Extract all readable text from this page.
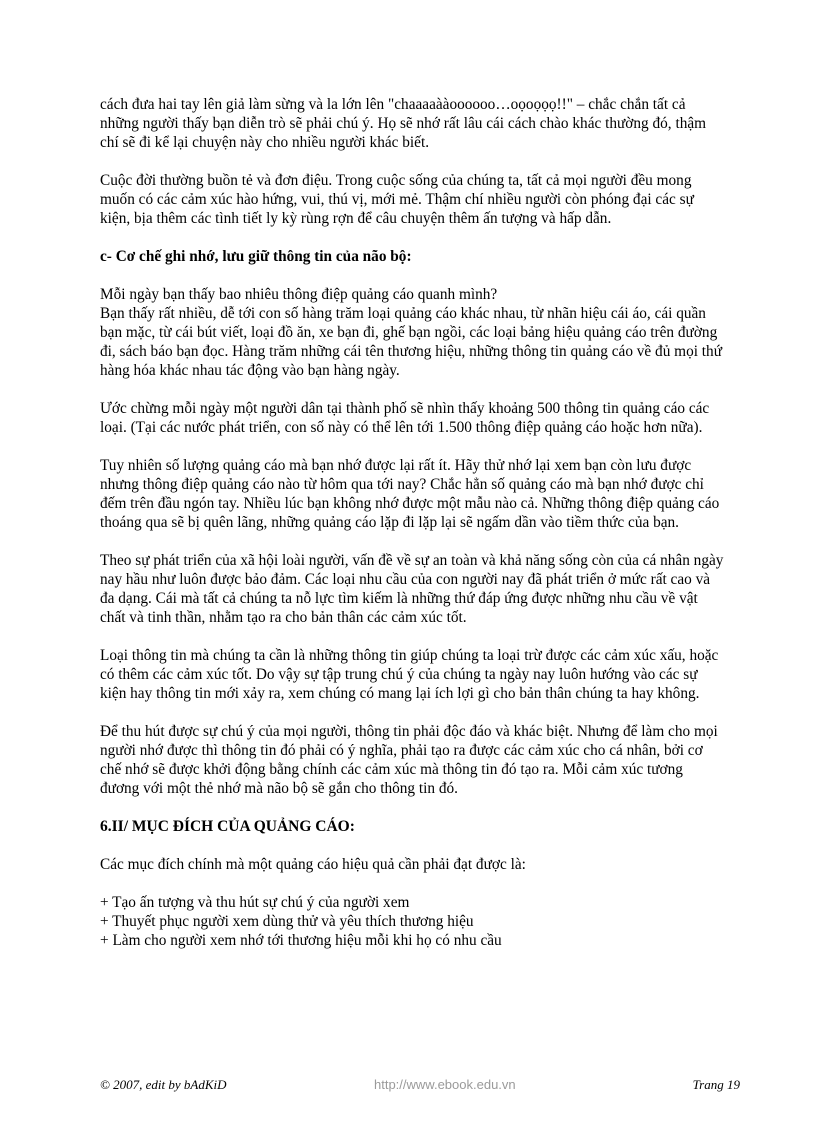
cách đưa hai tay lên giả làm sừng và la lớn lên "chaaaaààoooooo…oọoọọọ!!" – chắc chắn tất cả những người thấy bạn diễn trò sẽ phải chú ý. Họ sẽ nhớ rất lâu cái cách chào khác thường đó, thậm chí sẽ đi kể lại chuyện này cho nhiều người khác biết.

Cuộc đời thường buồn tẻ và đơn điệu. Trong cuộc sống của chúng ta, tất cả mọi người đều mong muốn có các cảm xúc hào hứng, vui, thú vị, mới mẻ. Thậm chí nhiều người còn phóng đại các sự kiện, bịa thêm các tình tiết ly kỳ rùng rợn để câu chuyện thêm ấn tượng và hấp dẫn.

c- Cơ chế ghi nhớ, lưu giữ thông tin của não bộ:

Mỗi ngày bạn thấy bao nhiêu thông điệp quảng cáo quanh mình?

Bạn thấy rất nhiều, dễ tới con số hàng trăm loại quảng cáo khác nhau, từ nhãn hiệu cái áo, cái quần bạn mặc, từ cái bút viết, loại đồ ăn, xe bạn đi, ghế bạn ngồi, các loại bảng hiệu quảng cáo trên đường đi, sách báo bạn đọc. Hàng trăm những cái tên thương hiệu, những thông tin quảng cáo về đủ mọi thứ hàng hóa khác nhau tác động vào bạn hàng ngày.

Ước chừng mỗi ngày một người dân tại thành phố sẽ nhìn thấy khoảng 500 thông tin quảng cáo các loại. (Tại các nước phát triển, con số này có thể lên tới 1.500 thông điệp quảng cáo hoặc hơn nữa).

Tuy nhiên số lượng quảng cáo mà bạn nhớ được lại rất ít. Hãy thử nhớ lại xem bạn còn lưu được nhưng thông điệp quảng cáo nào từ hôm qua tới nay? Chắc hẳn số quảng cáo mà bạn nhớ được chỉ đếm trên đầu ngón tay. Nhiều lúc bạn không nhớ được một mẫu nào cả. Những thông điệp quảng cáo thoáng qua sẽ bị quên lãng, những quảng cáo lặp đi lặp lại sẽ ngấm dần vào tiềm thức của bạn.

Theo sự phát triển của xã hội loài người, vấn đề về sự an toàn và khả năng sống còn của cá nhân ngày nay hầu như luôn được bảo đảm. Các loại nhu cầu của con người nay đã phát triển ở mức rất cao và đa dạng. Cái mà tất cả chúng ta nỗ lực tìm kiếm là những thứ đáp ứng được những nhu cầu về vật chất và tinh thần, nhằm tạo ra cho bản thân các cảm xúc tốt.

Loại thông tin mà chúng ta cần là những thông tin giúp chúng ta loại trừ được các cảm xúc xấu, hoặc có thêm các cảm xúc tốt. Do vậy sự tập trung chú ý của chúng ta ngày nay luôn hướng vào các sự kiện hay thông tin mới xảy ra, xem chúng có mang lại ích lợi gì cho bản thân chúng ta hay không.

Để thu hút được sự chú ý của mọi người, thông tin phải độc đáo và khác biệt. Nhưng để làm cho mọi người nhớ được thì thông tin đó phải có ý nghĩa, phải tạo ra được các cảm xúc cho cá nhân, bởi cơ chế nhớ sẽ được khởi động bằng chính các cảm xúc mà thông tin đó tạo ra. Mỗi cảm xúc tương đương với một thẻ nhớ mà não bộ sẽ gắn cho thông tin đó.

6.II/ MỤC ĐÍCH CỦA QUẢNG CÁO:

Các mục đích chính mà một quảng cáo hiệu quả cần phải đạt được là:

+ Tạo ấn tượng và thu hút sự chú ý của người xem
+ Thuyết phục người xem dùng thử và yêu thích thương hiệu
+ Làm cho người xem nhớ tới thương hiệu mỗi khi họ có nhu cầu
© 2007, edit by bAdKiD	http://www.ebook.edu.vn	Trang 19
